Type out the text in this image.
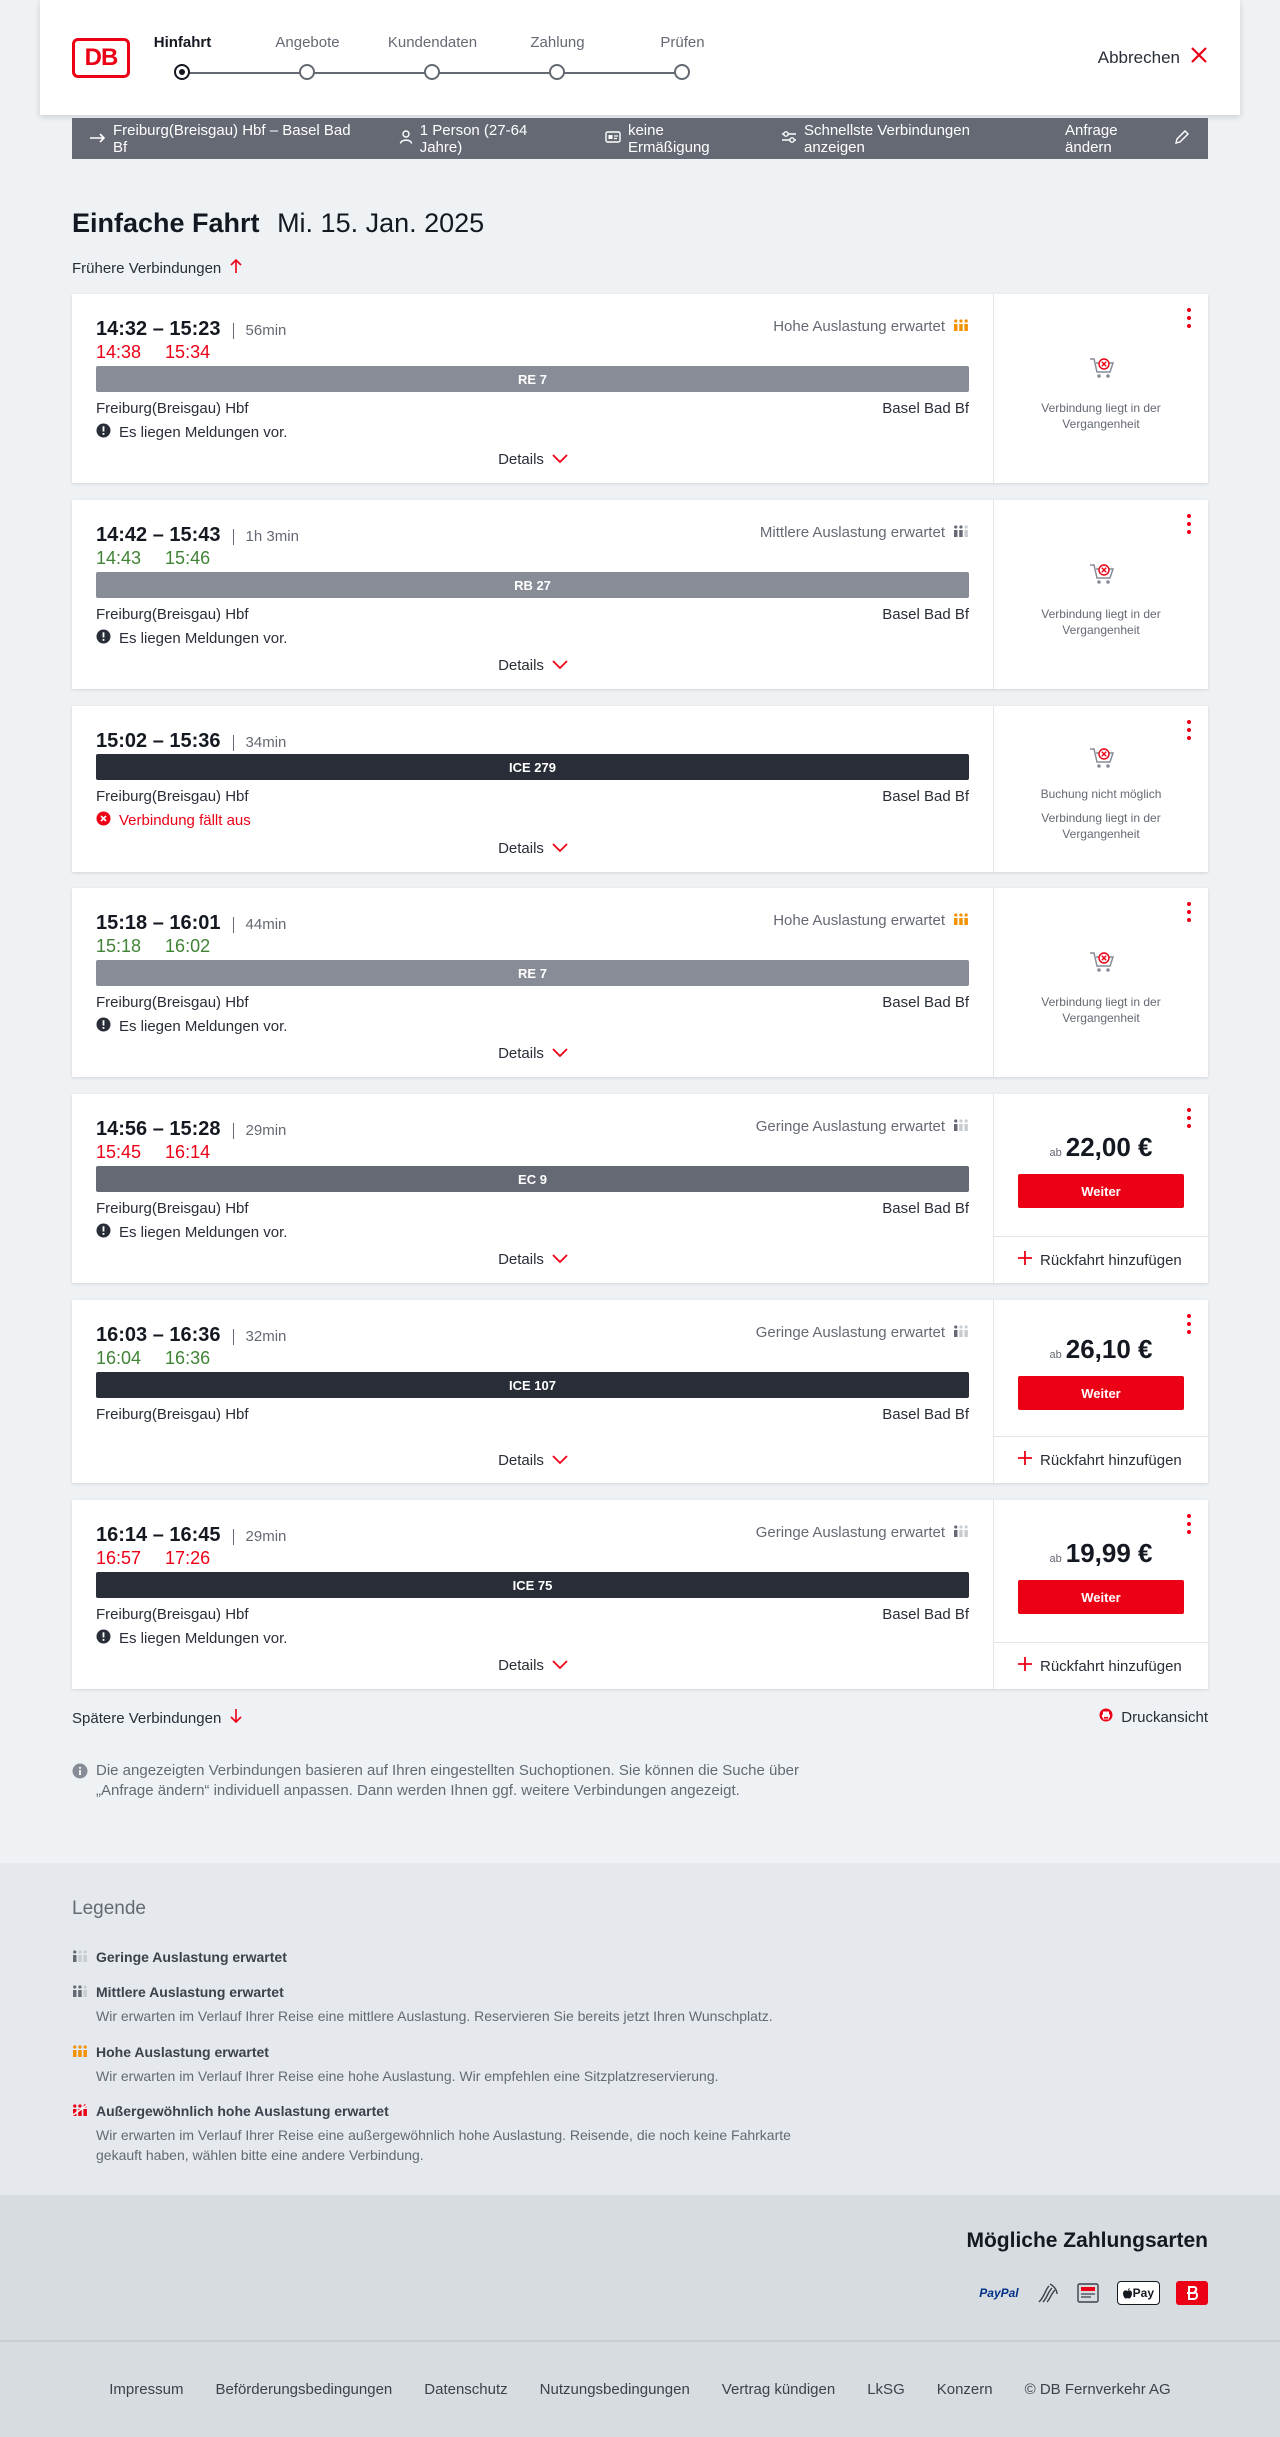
DB
Hinfahrt	Angebote	Kundendaten	Zahlung	Prüfen
Abbrechen
Freiburg(Breisgau) Hbf – Basel Bad Bf
1 Person (27-64 Jahre)
keine Ermäßigung
Schnellste Verbindungen anzeigen
Anfrage ändern
Einfache Fahrt Mi. 15. Jan. 2025
Frühere Verbindungen
14:32 – 15:23	56min
14:38 15:34
Hohe Auslastung erwartet
RE 7
Freiburg(Breisgau) Hbf	Basel Bad Bf
Es liegen Meldungen vor.
Details
Verbindung liegt in der Vergangenheit
14:42 – 15:43	1h 3min
14:43 15:46
Mittlere Auslastung erwartet
RB 27
Freiburg(Breisgau) Hbf	Basel Bad Bf
Es liegen Meldungen vor.
Details
Verbindung liegt in der Vergangenheit
15:02 – 15:36	34min
ICE 279
Freiburg(Breisgau) Hbf	Basel Bad Bf
Verbindung fällt aus
Details
Buchung nicht möglich
Verbindung liegt in der Vergangenheit
15:18 – 16:01	44min
15:18 16:02
Hohe Auslastung erwartet
RE 7
Freiburg(Breisgau) Hbf	Basel Bad Bf
Es liegen Meldungen vor.
Details
Verbindung liegt in der Vergangenheit
14:56 – 15:28	29min
15:45 16:14
Geringe Auslastung erwartet
EC 9
Freiburg(Breisgau) Hbf	Basel Bad Bf
Es liegen Meldungen vor.
Details
ab 22,00 €
Weiter
Rückfahrt hinzufügen
16:03 – 16:36	32min
16:04 16:36
Geringe Auslastung erwartet
ICE 107
Freiburg(Breisgau) Hbf	Basel Bad Bf
Details
ab 26,10 €
Weiter
Rückfahrt hinzufügen
16:14 – 16:45	29min
16:57 17:26
Geringe Auslastung erwartet
ICE 75
Freiburg(Breisgau) Hbf	Basel Bad Bf
Es liegen Meldungen vor.
Details
ab 19,99 €
Weiter
Rückfahrt hinzufügen
Spätere Verbindungen	Druckansicht
Die angezeigten Verbindungen basieren auf Ihren eingestellten Suchoptionen. Sie können die Suche über „Anfrage ändern“ individuell anpassen. Dann werden Ihnen ggf. weitere Verbindungen angezeigt.
Legende
Geringe Auslastung erwartet
Mittlere Auslastung erwartet
Wir erwarten im Verlauf Ihrer Reise eine mittlere Auslastung. Reservieren Sie bereits jetzt Ihren Wunschplatz.
Hohe Auslastung erwartet
Wir erwarten im Verlauf Ihrer Reise eine hohe Auslastung. Wir empfehlen eine Sitzplatzreservierung.
Außergewöhnlich hohe Auslastung erwartet
Wir erwarten im Verlauf Ihrer Reise eine außergewöhnlich hohe Auslastung. Reisende, die noch keine Fahrkarte gekauft haben, wählen bitte eine andere Verbindung.
Mögliche Zahlungsarten
PayPal	Pay
Impressum Beförderungsbedingungen Datenschutz Nutzungsbedingungen Vertrag kündigen LkSG Konzern © DB Fernverkehr AG
